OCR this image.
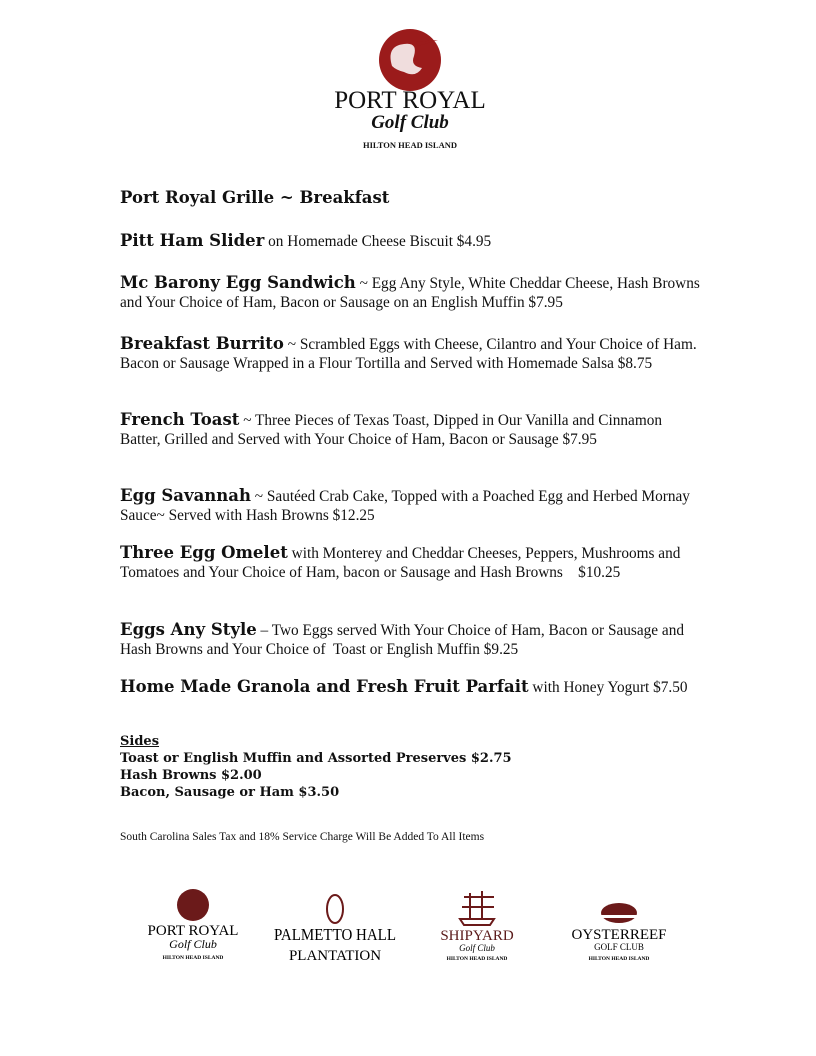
PORT ROYAL
Golf Club
HILTON HEAD ISLAND
Port Royal Grille ~ Breakfast
Pitt Ham Slider on Homemade Cheese Biscuit $4.95
Mc Barony Egg Sandwich ~ Egg Any Style, White Cheddar Cheese, Hash Browns and Your Choice of Ham, Bacon or Sausage on an English Muffin $7.95
Breakfast Burrito ~ Scrambled Eggs with Cheese, Cilantro and Your Choice of Ham. Bacon or Sausage Wrapped in a Flour Tortilla and Served with Homemade Salsa $8.75
French Toast ~ Three Pieces of Texas Toast, Dipped in Our Vanilla and Cinnamon Batter, Grilled and Served with Your Choice of Ham, Bacon or Sausage $7.95
Egg Savannah ~ Sautéed Crab Cake, Topped with a Poached Egg and Herbed Mornay Sauce~ Served with Hash Browns $12.25
Three Egg Omelet with Monterey and Cheddar Cheeses, Peppers, Mushrooms and Tomatoes and Your Choice of Ham, bacon or Sausage and Hash Browns    $10.25
Eggs Any Style – Two Eggs served With Your Choice of Ham, Bacon or Sausage and Hash Browns and Your Choice of  Toast or English Muffin $9.25
Home Made Granola and Fresh Fruit Parfait with Honey Yogurt $7.50
Sides
Toast or English Muffin and Assorted Preserves $2.75
Hash Browns $2.00
Bacon, Sausage or Ham $3.50
South Carolina Sales Tax and 18% Service Charge Will Be Added To All Items
PORT ROYAL
Golf Club
HILTON HEAD ISLAND
PALMETTO HALL
PLANTATION
SHIPYARD
Golf Club
HILTON HEAD ISLAND
OYSTERREEF
GOLF CLUB
HILTON HEAD ISLAND
